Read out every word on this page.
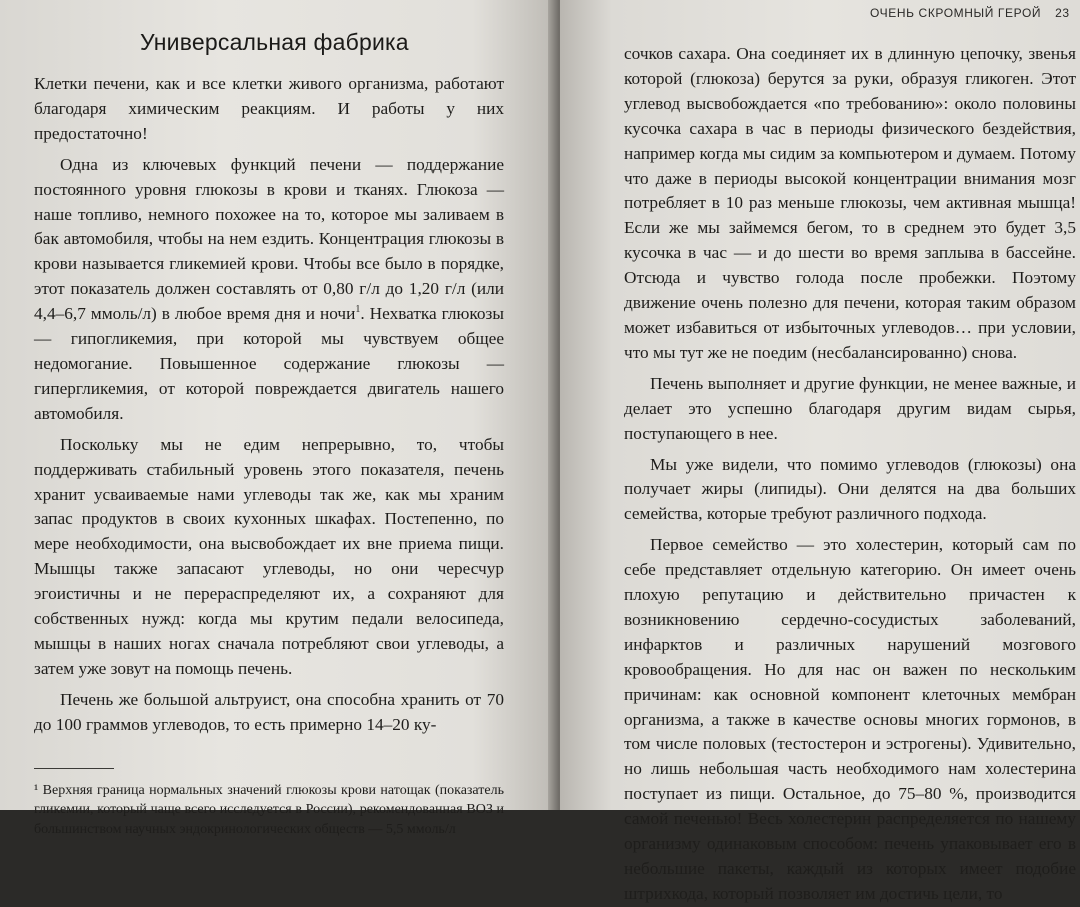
Универсальная фабрика

Клетки печени, как и все клетки живого организма, работают благодаря химическим реакциям. И работы у них предостаточно!

Одна из ключевых функций печени — поддержание постоянного уровня глюкозы в крови и тканях. Глюкоза — наше топливо, немного похожее на то, которое мы заливаем в бак автомобиля, чтобы на нем ездить. Концентрация глюкозы в крови называется гликемией крови. Чтобы все было в порядке, этот показатель должен составлять от 0,80 г/л до 1,20 г/л (или 4,4–6,7 ммоль/л) в любое время дня и ночи$^1$. Нехватка глюкозы — гипогликемия, при которой мы чувствуем общее недомогание. Повышенное содержание глюкозы — гипергликемия, от которой повреждается двигатель нашего автомобиля.

Поскольку мы не едим непрерывно, то, чтобы поддерживать стабильный уровень этого показателя, печень хранит усваиваемые нами углеводы так же, как мы храним запас продуктов в своих кухонных шкафах. Постепенно, по мере необходимости, она высвобождает их вне приема пищи. Мышцы также запасают углеводы, но они чересчур эгоистичны и не перераспределяют их, а сохраняют для собственных нужд: когда мы крутим педали велосипеда, мышцы в наших ногах сначала потребляют свои углеводы, а затем уже зовут на помощь печень.

Печень же большой альтруист, она способна хранить от 70 до 100 граммов углеводов, то есть примерно 14–20 ку-

¹ Верхняя граница нормальных значений глюкозы крови натощак (показатель гликемии, который чаще всего исследуется в России), рекомендованная ВОЗ и большинством научных эндокринологических обществ — 5,5 ммоль/л

ОЧЕНЬ СКРОМНЫЙ ГЕРОЙ 23

сочков сахара. Она соединяет их в длинную цепочку, звенья которой (глюкоза) берутся за руки, образуя гликоген. Этот углевод высвобождается «по требованию»: около половины кусочка сахара в час в периоды физического бездействия, например когда мы сидим за компьютером и думаем. Потому что даже в периоды высокой концентрации внимания мозг потребляет в 10 раз меньше глюкозы, чем активная мышца! Если же мы займемся бегом, то в среднем это будет 3,5 кусочка в час — и до шести во время заплыва в бассейне. Отсюда и чувство голода после пробежки. Поэтому движение очень полезно для печени, которая таким образом может избавиться от избыточных углеводов… при условии, что мы тут же не поедим (несбалансированно) снова.

Печень выполняет и другие функции, не менее важные, и делает это успешно благодаря другим видам сырья, поступающего в нее.

Мы уже видели, что помимо углеводов (глюкозы) она получает жиры (липиды). Они делятся на два больших семейства, которые требуют различного подхода.

Первое семейство — это холестерин, который сам по себе представляет отдельную категорию. Он имеет очень плохую репутацию и действительно причастен к возникновению сердечно-сосудистых заболеваний, инфарктов и различных нарушений мозгового кровообращения. Но для нас он важен по нескольким причинам: как основной компонент клеточных мембран организма, а также в качестве основы многих гормонов, в том числе половых (тестостерон и эстрогены). Удивительно, но лишь небольшая часть необходимого нам холестерина поступает из пищи. Остальное, до 75–80 %, производится самой печенью! Весь холестерин распределяется по нашему организму одинаковым способом: печень упаковывает его в небольшие пакеты, каждый из которых имеет подобие штрихкода, который позволяет им достичь цели, то
